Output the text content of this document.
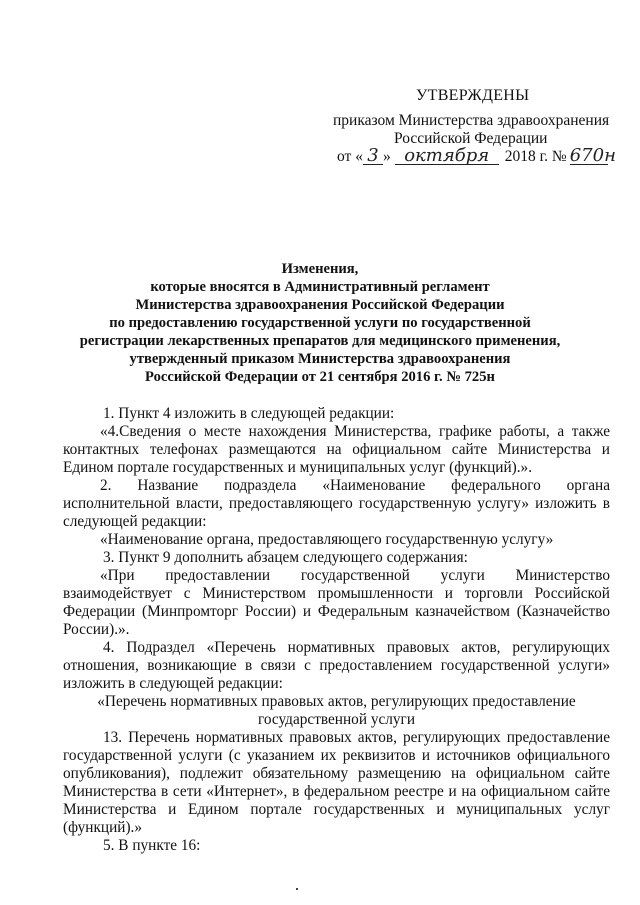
УТВЕРЖДЕНЫ
приказом Министерства здравоохранения
Российской Федерации
от « 3 » октября	2018 г. № 670н
Изменения,
которые вносятся в Административный регламент
Министерства здравоохранения Российской Федерации
по предоставлению государственной услуги по государственной
регистрации лекарственных препаратов для медицинского применения,
утвержденный приказом Министерства здравоохранения
Российской Федерации от 21 сентября 2016 г. № 725н

1. Пункт 4 изложить в следующей редакции:

«4.Сведения о месте нахождения Министерства, графике работы, а также контактных телефонах размещаются на официальном сайте Министерства и Едином портале государственных и муниципальных услуг (функций).».

2. Название подраздела «Наименование федерального органа исполнительной власти, предоставляющего государственную услугу» изложить в следующей редакции:

«Наименование органа, предоставляющего государственную услугу»

3. Пункт 9 дополнить абзацем следующего содержания:

«При предоставлении государственной услуги Министерство взаимодействует с Министерством промышленности и торговли Российской Федерации (Минпромторг России) и Федеральным казначейством (Казначейство России).».

4. Подраздел «Перечень нормативных правовых актов, регулирующих отношения, возникающие в связи с предоставлением государственной услуги» изложить в следующей редакции:

«Перечень нормативных правовых актов, регулирующих предоставление

государственной услуги

13. Перечень нормативных правовых актов, регулирующих предоставление государственной услуги (с указанием их реквизитов и источников официального опубликования), подлежит обязательному размещению на официальном сайте Министерства в сети «Интернет», в федеральном реестре и на официальном сайте Министерства и Едином портале государственных и муниципальных услуг (функций).»

5. В пункте 16:
